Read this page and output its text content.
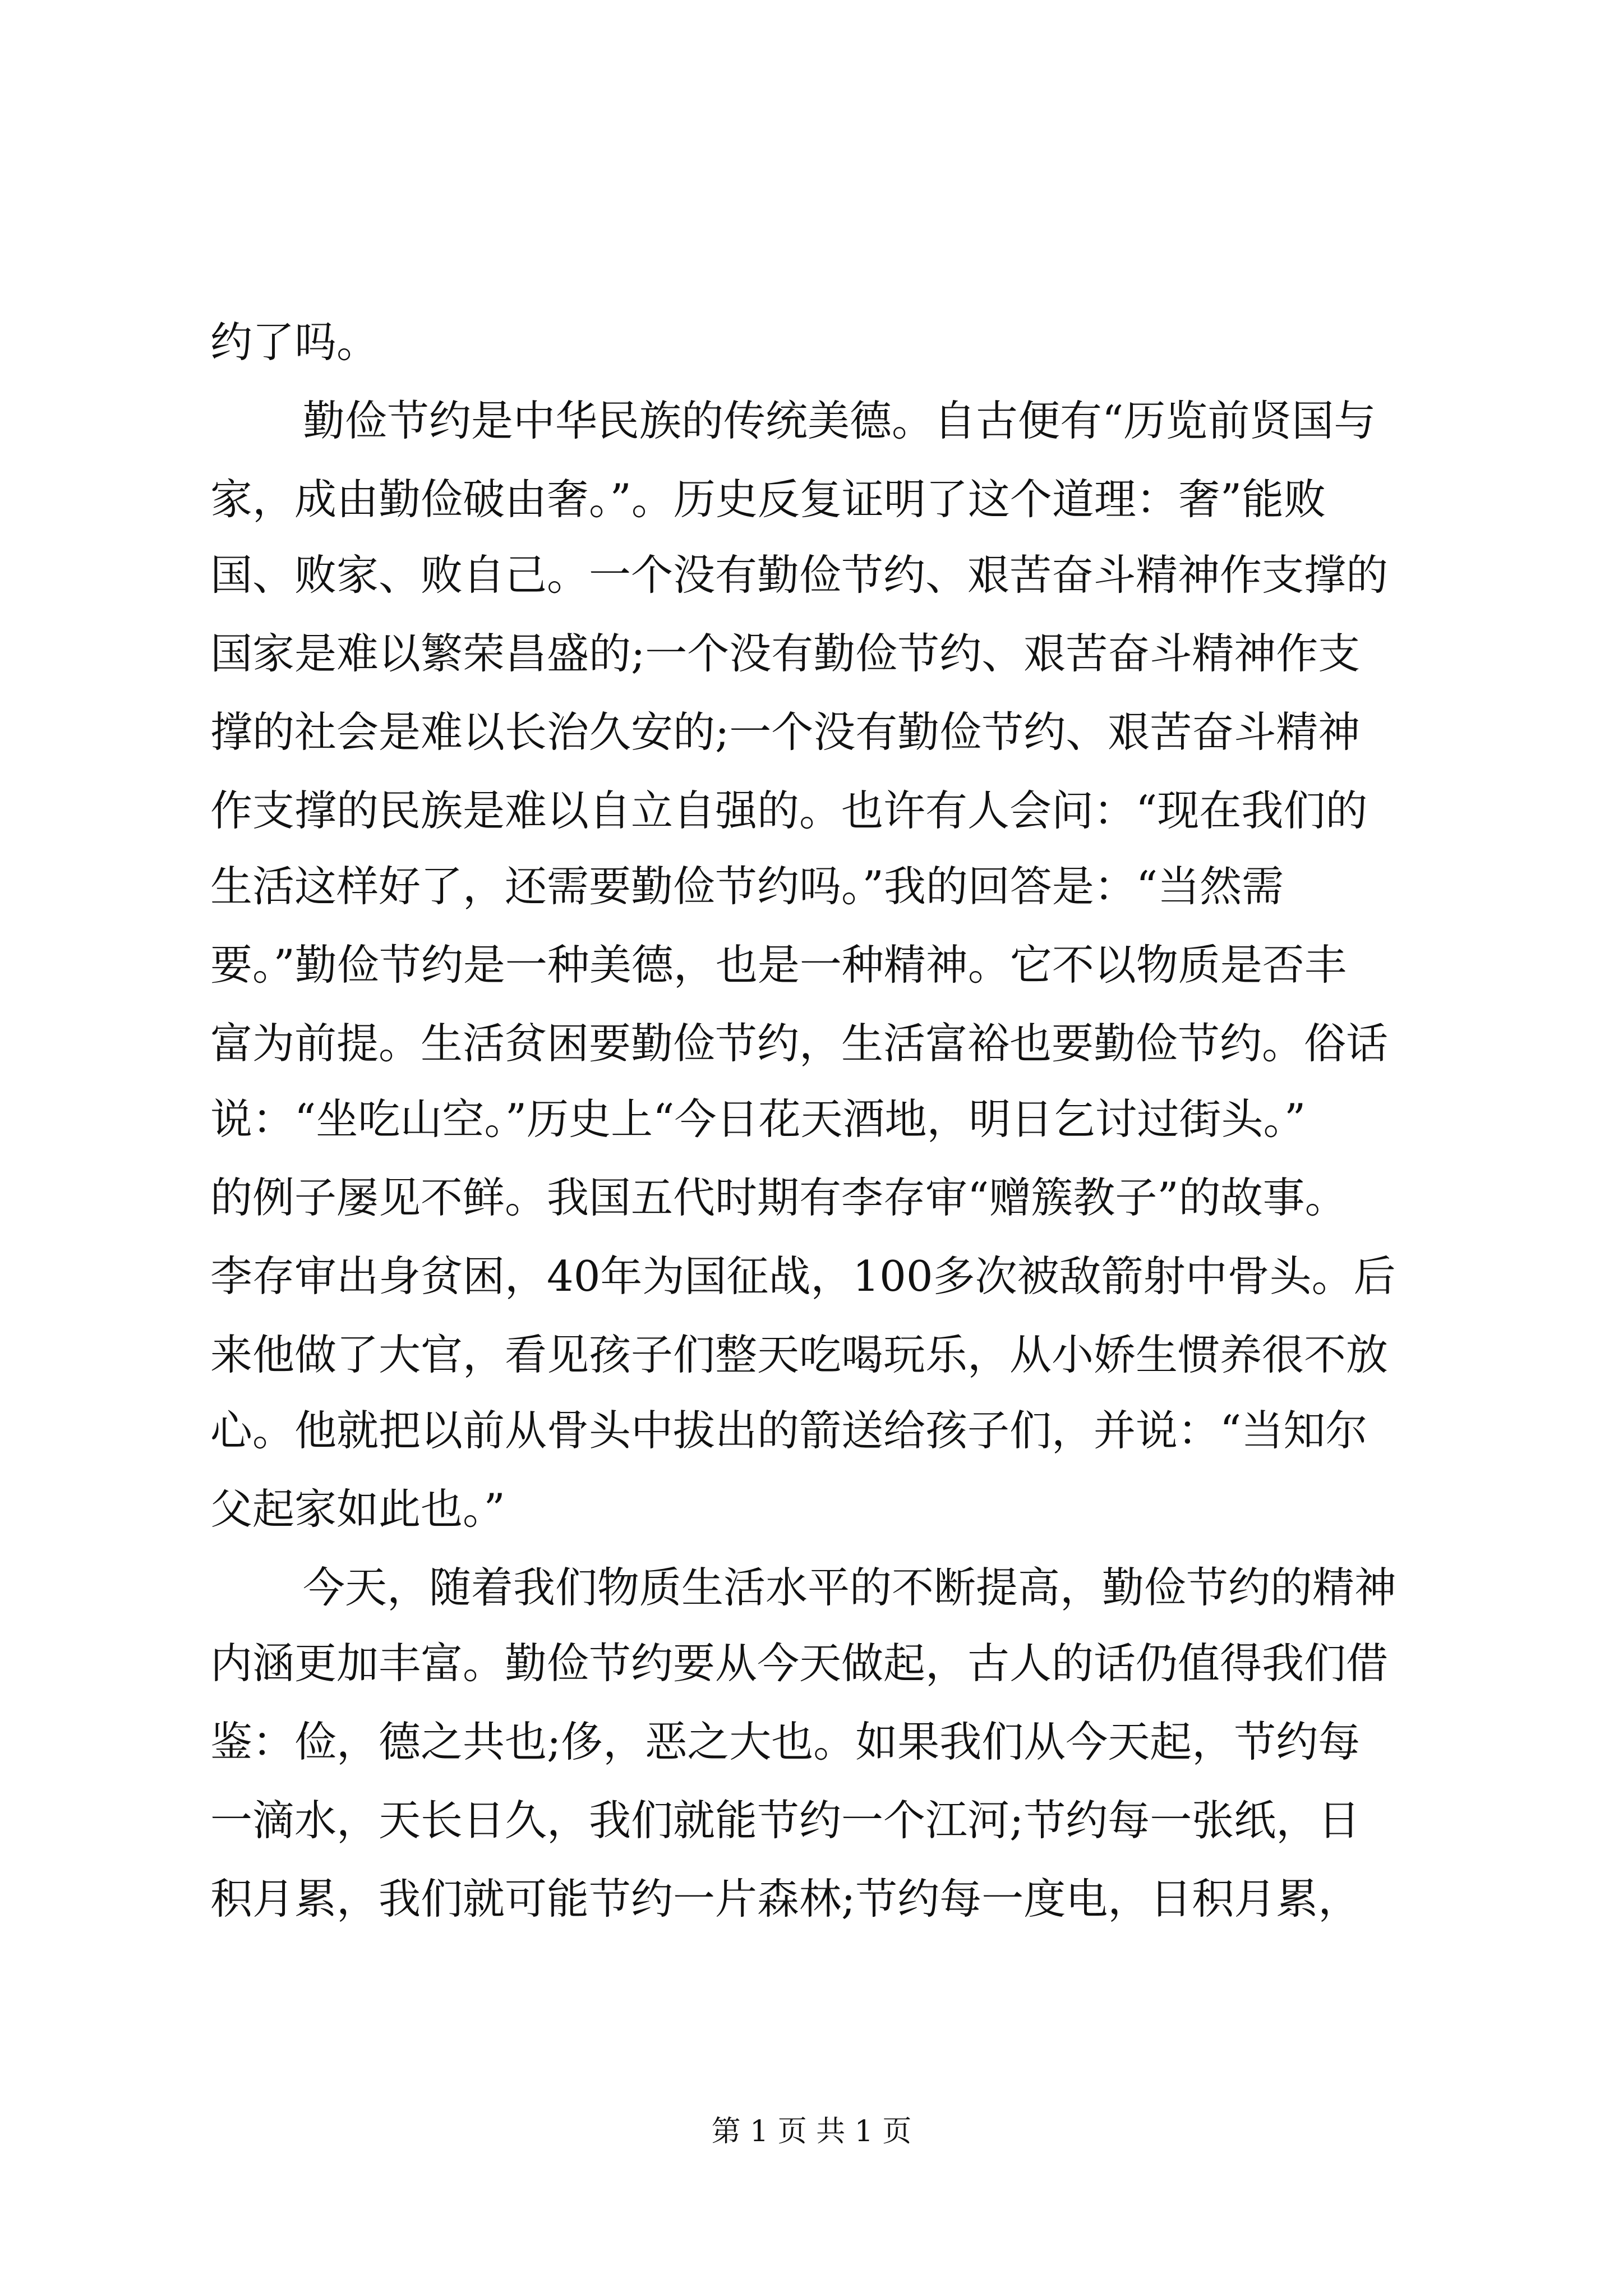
约了吗。
勤俭节约是中华民族的传统美德。自古便有“历览前贤国与
家，成由勤俭破由奢。”。历史反复证明了这个道理：奢”能败
国、败家、败自己。一个没有勤俭节约、艰苦奋斗精神作支撑的
国家是难以繁荣昌盛的;一个没有勤俭节约、艰苦奋斗精神作支
撑的社会是难以长治久安的;一个没有勤俭节约、艰苦奋斗精神
作支撑的民族是难以自立自强的。也许有人会问：“现在我们的
生活这样好了，还需要勤俭节约吗。”我的回答是：“当然需
要。”勤俭节约是一种美德，也是一种精神。它不以物质是否丰
富为前提。生活贫困要勤俭节约，生活富裕也要勤俭节约。俗话
说：“坐吃山空。”历史上“今日花天酒地，明日乞讨过街头。”
的例子屡见不鲜。我国五代时期有李存审“赠簇教子”的故事。
李存审出身贫困，40年为国征战，100多次被敌箭射中骨头。后
来他做了大官，看见孩子们整天吃喝玩乐，从小娇生惯养很不放
心。他就把以前从骨头中拔出的箭送给孩子们，并说：“当知尔
父起家如此也。”
今天，随着我们物质生活水平的不断提高，勤俭节约的精神
内涵更加丰富。勤俭节约要从今天做起，古人的话仍值得我们借
鉴：俭，德之共也;侈，恶之大也。如果我们从今天起，节约每
一滴水，天长日久，我们就能节约一个江河;节约每一张纸，日
积月累，我们就可能节约一片森林;节约每一度电，日积月累，
第 1 页 共 1 页
